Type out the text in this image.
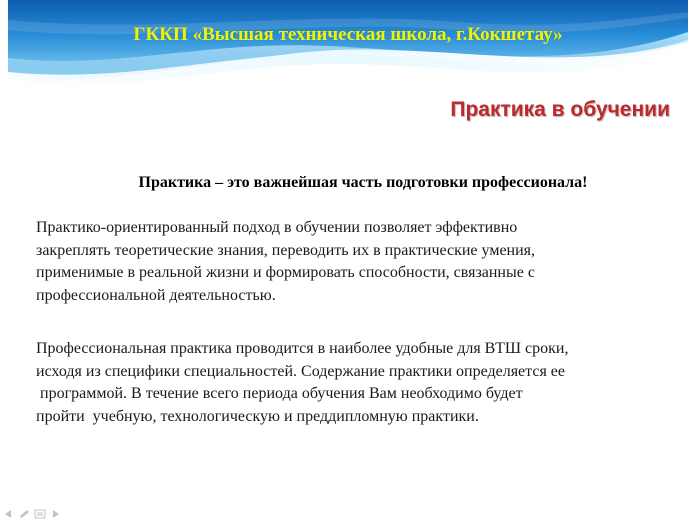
ГККП «Высшая техническая школа, г.Кокшетау»
Практика в обучении
Практика – это важнейшая часть подготовки профессионала!

Практико-ориентированный подход в обучении позволяет эффективно
закреплять теоретические знания, переводить их в практические умения,
применимые в реальной жизни и формировать способности, связанные с
профессиональной деятельностью.

Профессиональная практика проводится в наиболее удобные для ВТШ сроки,
исходя из специфики специальностей. Содержание практики определяется ее
программой. В течение всего периода обучения Вам необходимо будет
пройти  учебную, технологическую и преддипломную практики.
